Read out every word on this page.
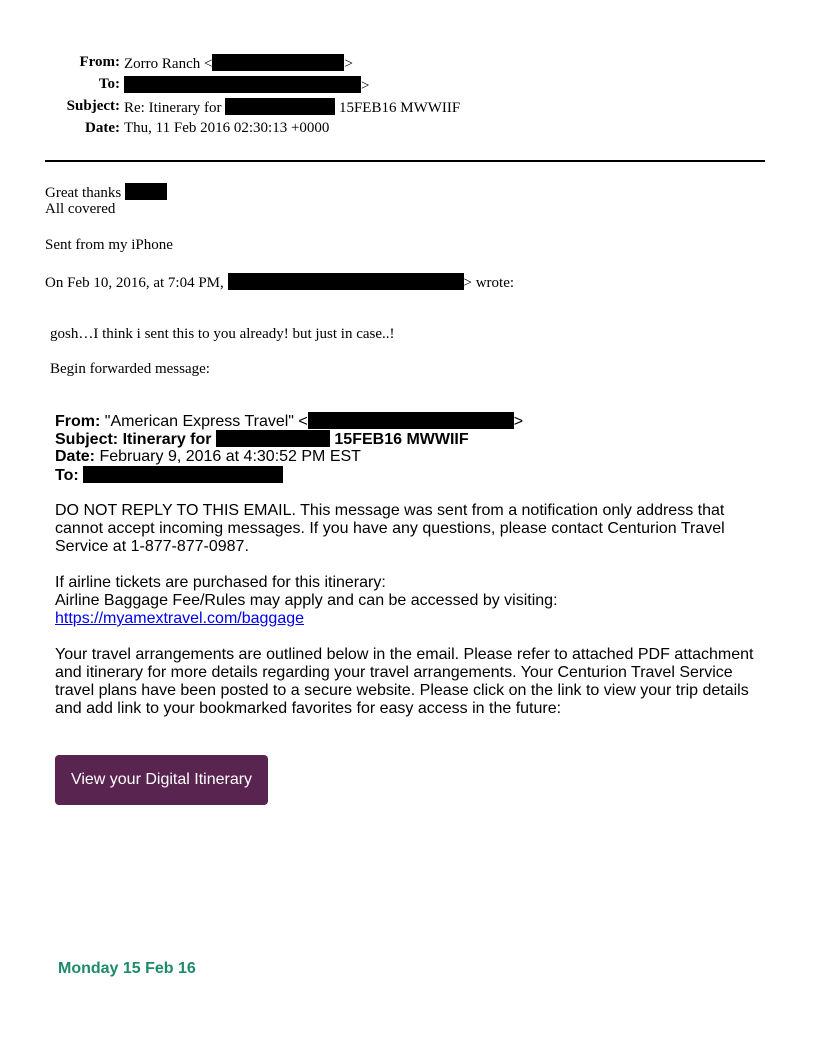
From: Zorro Ranch <	>
To:	>
Subject: Re: Itinerary for	15FEB16 MWWIIF
Date: Thu, 11 Feb 2016 02:30:13 +0000
Great thanks
All covered
Sent from my iPhone
On Feb 10, 2016, at 7:04 PM,	> wrote:
gosh…I think i sent this to you already! but just in case..!
Begin forwarded message:
From: "American Express Travel" <	>
Subject: Itinerary for	15FEB16 MWWIIF
Date: February 9, 2016 at 4:30:52 PM EST
To:
DO NOT REPLY TO THIS EMAIL. This message was sent from a notification only address that cannot accept incoming messages. If you have any questions, please contact Centurion Travel Service at 1-877-877-0987.
If airline tickets are purchased for this itinerary:
Airline Baggage Fee/Rules may apply and can be accessed by visiting:
https://myamextravel.com/baggage
Your travel arrangements are outlined below in the email. Please refer to attached PDF attachment and itinerary for more details regarding your travel arrangements. Your Centurion Travel Service travel plans have been posted to a secure website. Please click on the link to view your trip details and add link to your bookmarked favorites for easy access in the future:
View your Digital Itinerary
Monday 15 Feb 16
